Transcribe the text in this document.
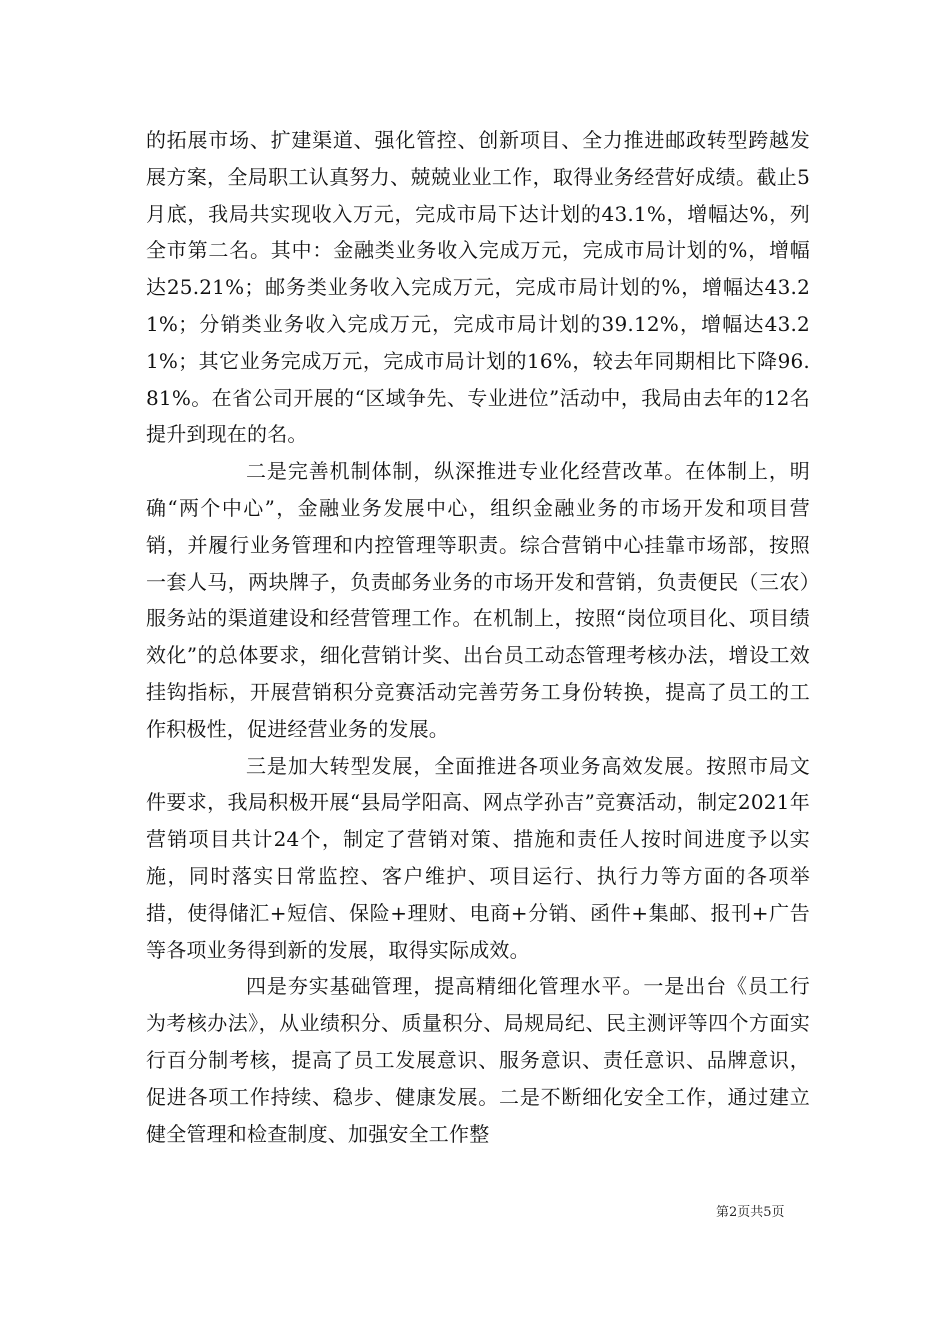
的拓展市场、扩建渠道、强化管控、创新项目、全力推进邮政转型跨越发展方案，全局职工认真努力、兢兢业业工作，取得业务经营好成绩。截止5月底，我局共实现收入万元，完成市局下达计划的43.1%，增幅达%，列全市第二名。其中：金融类业务收入完成万元，完成市局计划的%，增幅达25.21%；邮务类业务收入完成万元，完成市局计划的%，增幅达43.21%；分销类业务收入完成万元，完成市局计划的39.12%，增幅达43.21%；其它业务完成万元，完成市局计划的16%，较去年同期相比下降96.81%。在省公司开展的“区域争先、专业进位”活动中，我局由去年的12名提升到现在的名。

二是完善机制体制，纵深推进专业化经营改革。在体制上，明确“两个中心”，金融业务发展中心，组织金融业务的市场开发和项目营销，并履行业务管理和内控管理等职责。综合营销中心挂靠市场部，按照一套人马，两块牌子，负责邮务业务的市场开发和营销，负责便民（三农）服务站的渠道建设和经营管理工作。在机制上，按照“岗位项目化、项目绩效化”的总体要求，细化营销计奖、出台员工动态管理考核办法，增设工效挂钩指标，开展营销积分竞赛活动完善劳务工身份转换，提高了员工的工作积极性，促进经营业务的发展。

三是加大转型发展，全面推进各项业务高效发展。按照市局文件要求，我局积极开展“县局学阳高、网点学孙吉”竞赛活动，制定2021年营销项目共计24个，制定了营销对策、措施和责任人按时间进度予以实施，同时落实日常监控、客户维护、项目运行、执行力等方面的各项举措，使得储汇+短信、保险+理财、电商+分销、函件+集邮、报刊+广告等各项业务得到新的发展，取得实际成效。

四是夯实基础管理，提高精细化管理水平。一是出台《员工行为考核办法》，从业绩积分、质量积分、局规局纪、民主测评等四个方面实行百分制考核，提高了员工发展意识、服务意识、责任意识、品牌意识，促进各项工作持续、稳步、健康发展。二是不断细化安全工作，通过建立健全管理和检查制度、加强安全工作整

第2页共5页
